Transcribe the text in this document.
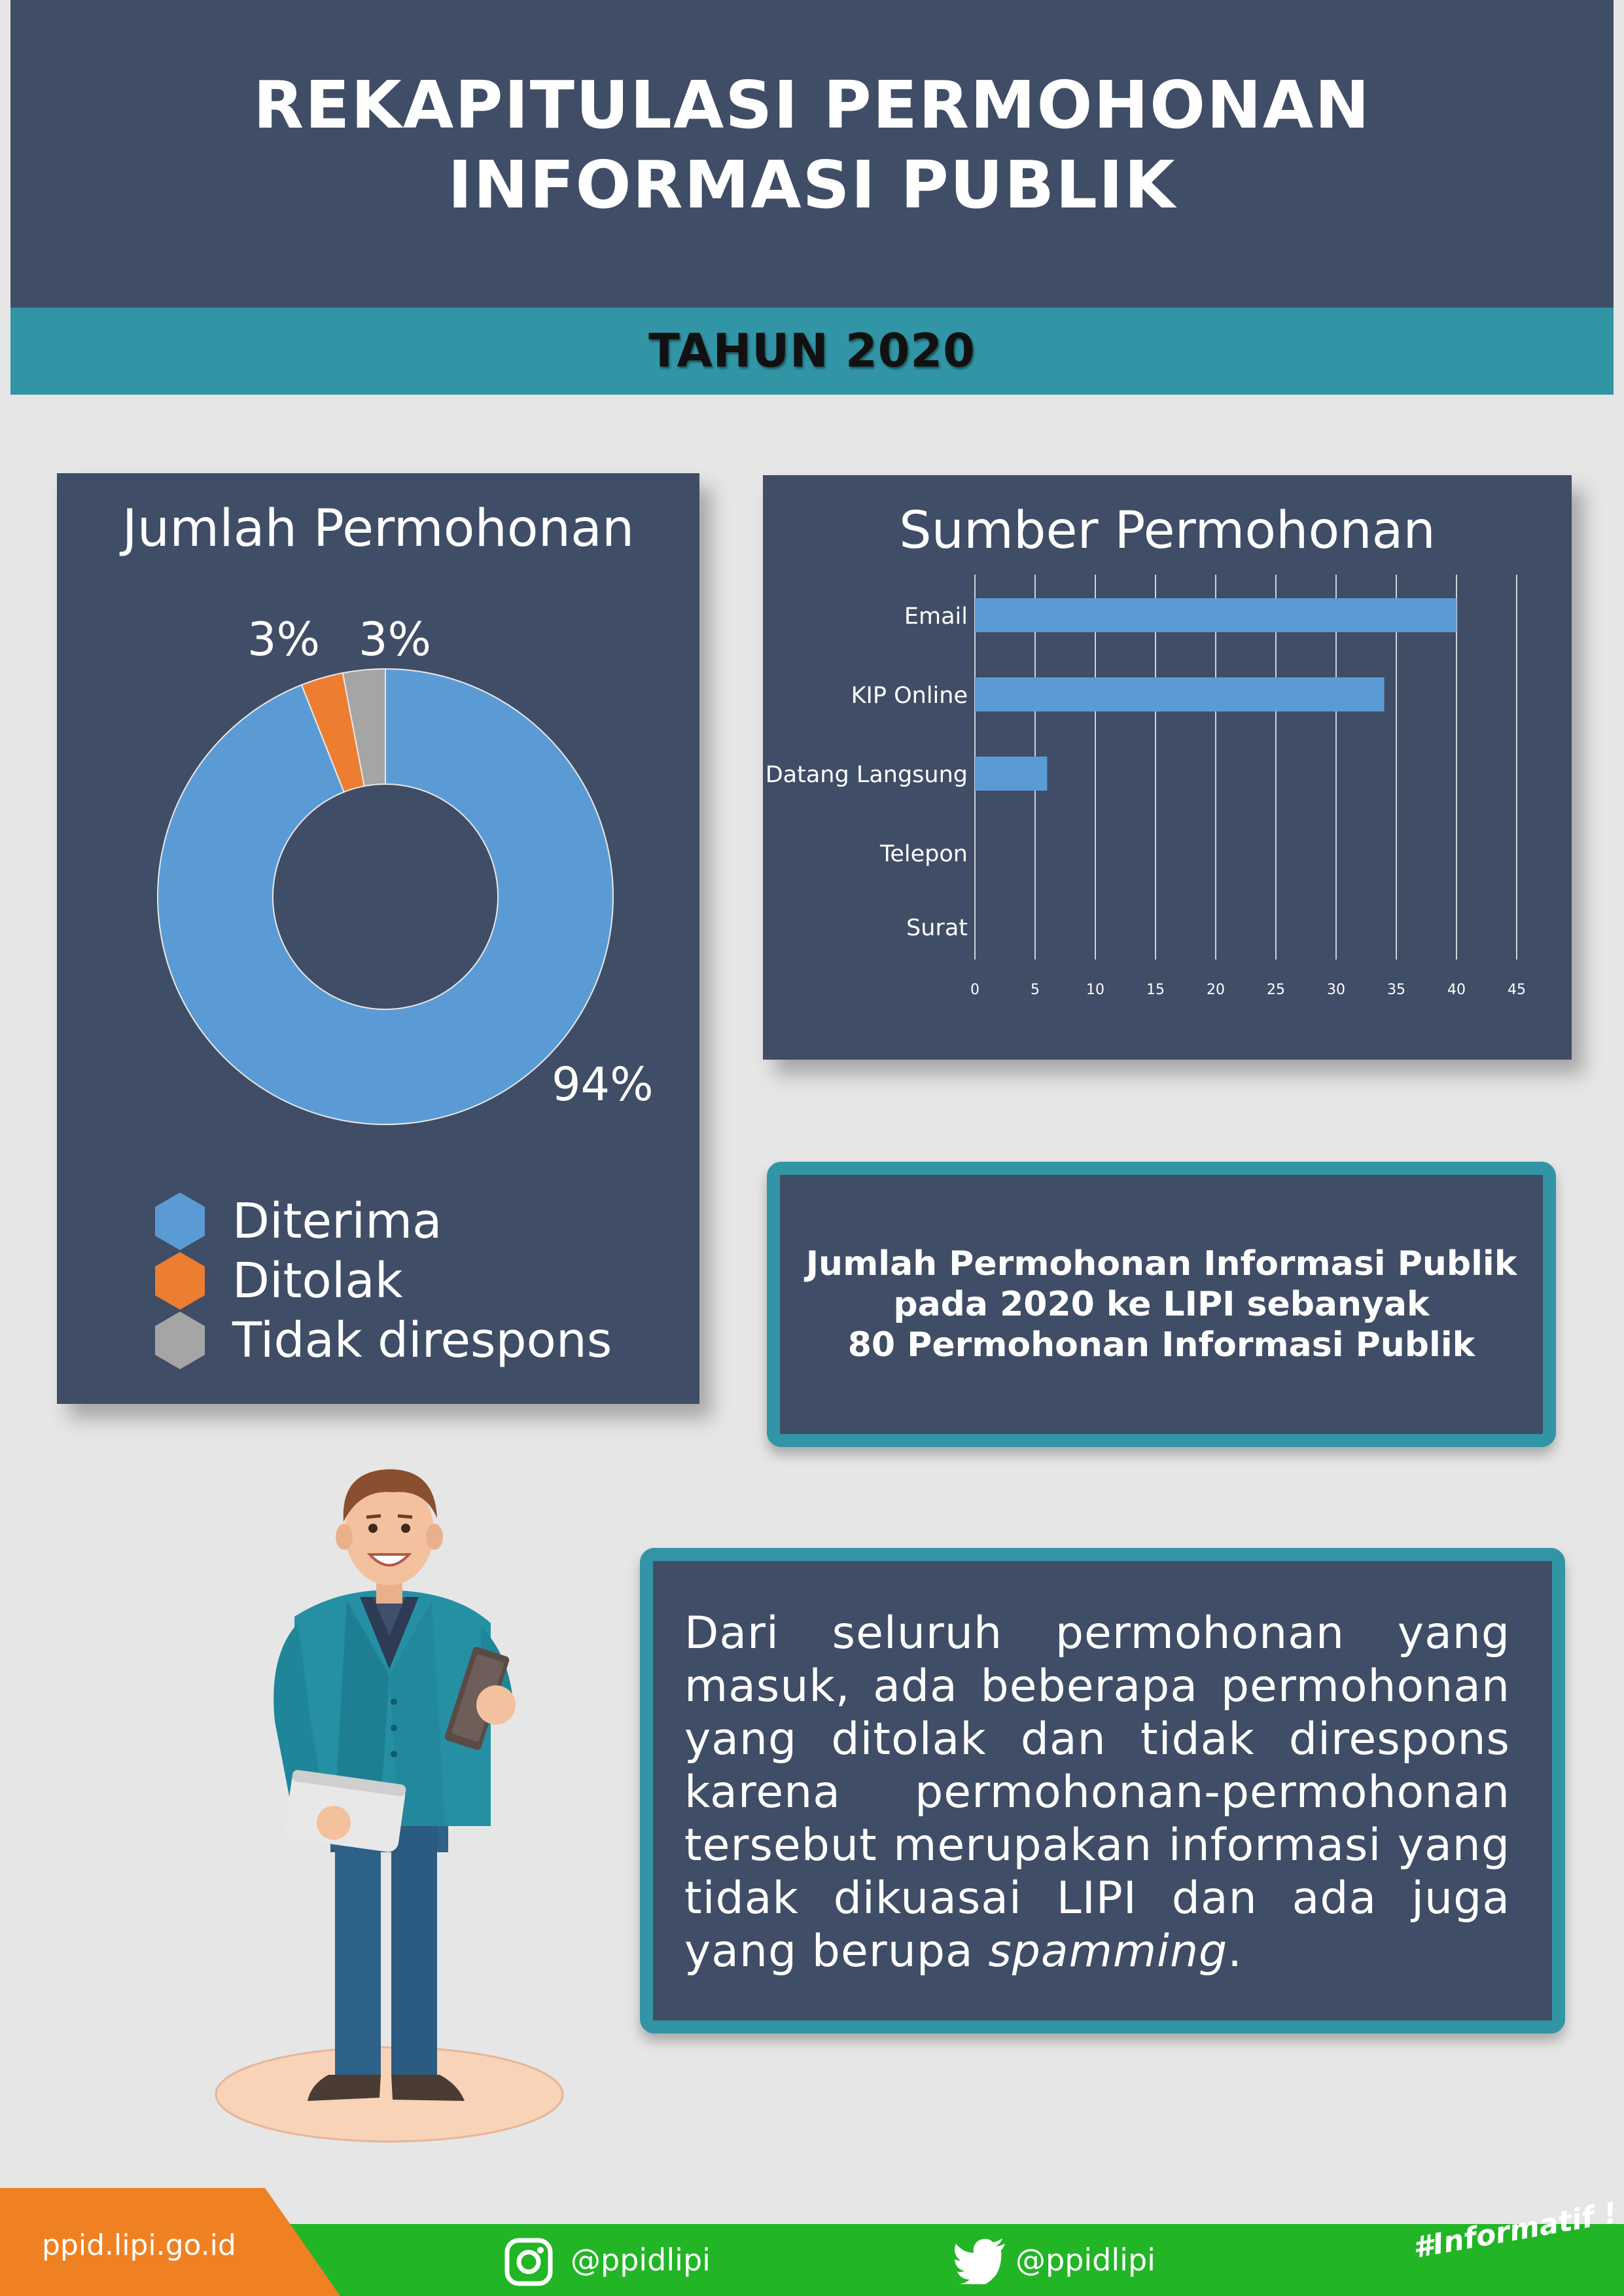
REKAPITULASI PERMOHONAN
INFORMASI PUBLIK
TAHUN 2020
Jumlah Permohonan
3% 3%
94%
Diterima
Ditolak
Tidak direspons
Sumber Permohonan
0	5	10	15	20	25	30	35	40	45
Email
KIP Online
Datang Langsung
Telepon
Surat
Jumlah Permohonan Informasi Publik
pada 2020 ke LIPI sebanyak
80 Permohonan Informasi Publik
Dari seluruh permohonan yang masuk, ada beberapa permohonan yang ditolak dan tidak direspons karena permohonan-permohonan tersebut merupakan informasi yang tidak dikuasai LIPI dan ada juga yang berupa spamming.
ppid.lipi.go.id	@ppidlipi	@ppidlipi	#Informatif !
